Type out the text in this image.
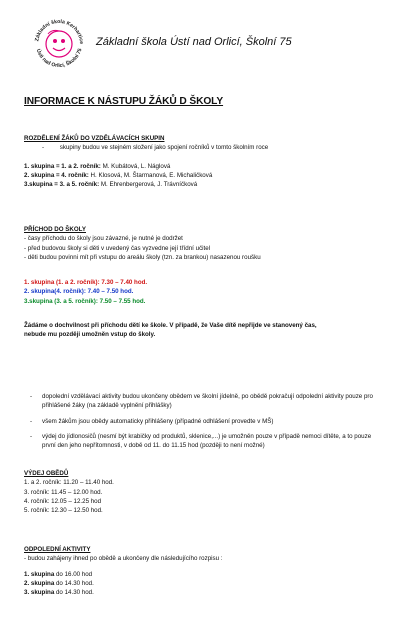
Základní škola Kerhartice
Ústí nad Orlicí, Školní 75
Základní škola Ústí nad Orlicí, Školní 75
INFORMACE K NÁSTUPU ŽÁKŮ D ŠKOLY
ROZDĚLENÍ ŽÁKŮ DO VZDĚLÁVACÍCH SKUPIN
-	skupiny budou ve stejném složení jako spojení ročníků v tomto školním roce
1. skupina = 1. a 2. ročník: M. Kubátová, L. Náglová
2. skupina = 4. ročník: H. Klosová, M. Štarmanová, E. Michaličková
3.skupina = 3. a 5. ročník: M. Ehrenbergerová, J. Trávníčková
PŘÍCHOD DO ŠKOLY
- časy příchodu do školy jsou závazné, je nutné je dodržet
- před budovou školy si děti v uvedený čas vyzvedne její třídní učitel
- děti budou povinni mít při vstupu do areálu školy (tzn. za brankou) nasazenou roušku
1. skupina (1. a 2. ročník): 7.30 – 7.40 hod.
2. skupina(4. ročník): 7.40 – 7.50 hod.
3.skupina (3. a 5. ročník): 7.50 – 7.55 hod.
Žádáme o dochvilnost při příchodu dětí ke škole. V případě, že Vaše dítě nepřijde ve stanovený čas,
nebude mu později umožněn vstup do školy.
-	dopolední vzdělávací aktivity budou ukončeny obědem ve školní jídelně, po obědě pokračují odpolední aktivity pouze pro přihlášené žáky (na základě vyplnění přihlášky)
-	všem žákům jsou obědy automaticky přihlášeny (případné odhlášení provedte v MŠ)
-	výdej do jídlonosičů (nesmí být krabičky od produktů, sklenice,...) je umožněn pouze v případě nemoci dítěte, a to pouze první den jeho nepřítomnosti, v době od 11. do 11.15 hod (později to není možné)
VÝDEJ OBĚDŮ
1. a 2. ročník: 11.20 – 11.40 hod.
3. ročník: 11.45 – 12.00 hod.
4. ročník: 12.05 – 12.25 hod
5. ročník: 12.30 – 12.50 hod.
ODPOLEDNÍ AKTIVITY
- budou zahájeny ihned po obědě a ukončeny dle následujícího rozpisu :
1. skupina do 16.00 hod
2. skupina do 14.30 hod.
3. skupina do 14.30 hod.
